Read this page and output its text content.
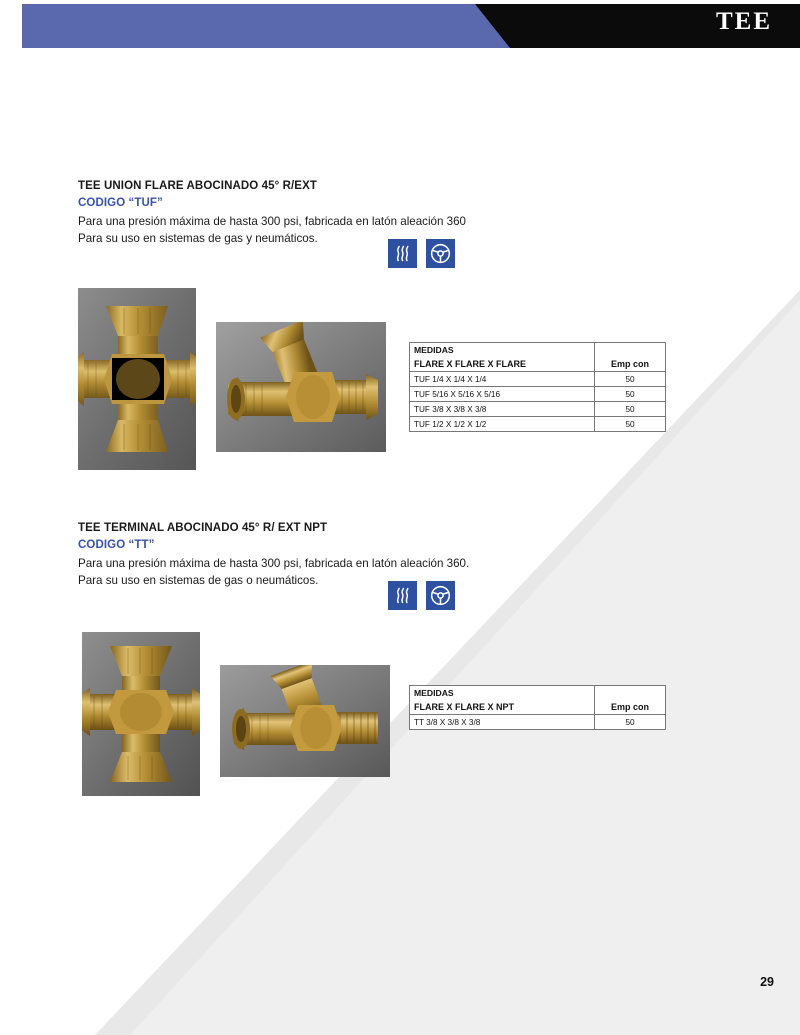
TEE
TEE UNION FLARE ABOCINADO 45° R/EXT
CODIGO “TUF”
Para una presión máxima de hasta 300 psi, fabricada en latón aleación 360
Para su uso en sistemas de gas y neumáticos.
MEDIDAS	
FLARE X FLARE X FLARE	Emp con
TUF 1/4 X 1/4 X 1/4	50
TUF 5/16 X 5/16 X 5/16	50
TUF 3/8 X 3/8 X 3/8	50
TUF 1/2 X 1/2 X 1/2	50
TEE TERMINAL ABOCINADO 45° R/ EXT NPT
CODIGO “TT”
Para una presión máxima de hasta 300 psi, fabricada en latón aleación 360.
Para su uso en sistemas de gas o neumáticos.
MEDIDAS	
FLARE X FLARE X NPT	Emp con
TT 3/8 X 3/8 X 3/8	50
29
